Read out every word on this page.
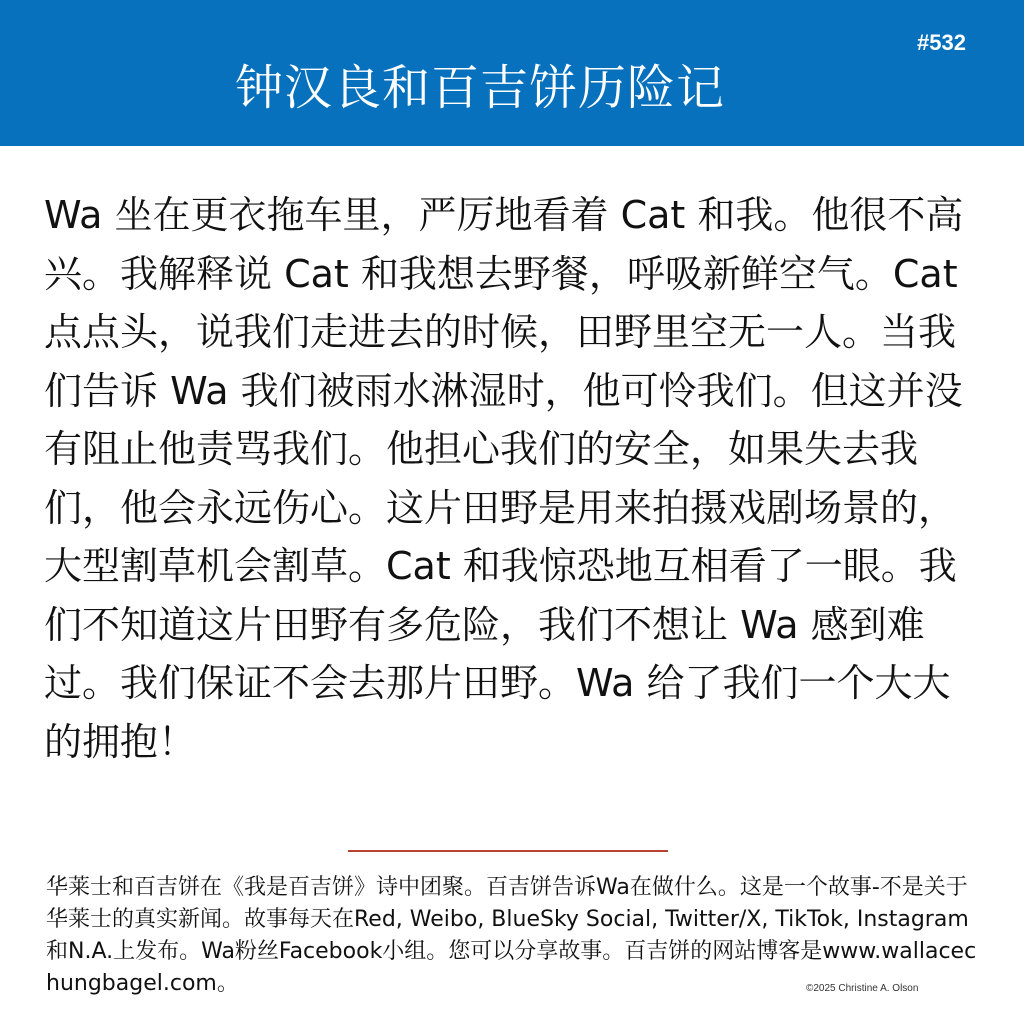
钟汉良和百吉饼历险记
#532

Wa 坐在更衣拖车里，严厉地看着 Cat 和我。他很不高兴。我解释说 Cat 和我想去野餐，呼吸新鲜空气。Cat 点点头，说我们走进去的时候，田野里空无一人。当我们告诉 Wa 我们被雨水淋湿时，他可怜我们。但这并没有阻止他责骂我们。他担心我们的安全，如果失去我们，他会永远伤心。这片田野是用来拍摄戏剧场景的，大型割草机会割草。Cat 和我惊恐地互相看了一眼。我们不知道这片田野有多危险，我们不想让 Wa 感到难过。我们保证不会去那片田野。Wa 给了我们一个大大的拥抱！

华莱士和百吉饼在《我是百吉饼》诗中团聚。百吉饼告诉Wa在做什么。这是一个故事-不是关于华莱士的真实新闻。故事每天在Red, Weibo, BlueSky Social, Twitter/X, TikTok, Instagram和N.A.上发布。Wa粉丝Facebook小组。您可以分享故事。百吉饼的网站博客是www.wallacechungbagel.com。	©2025 Christine A. Olson
